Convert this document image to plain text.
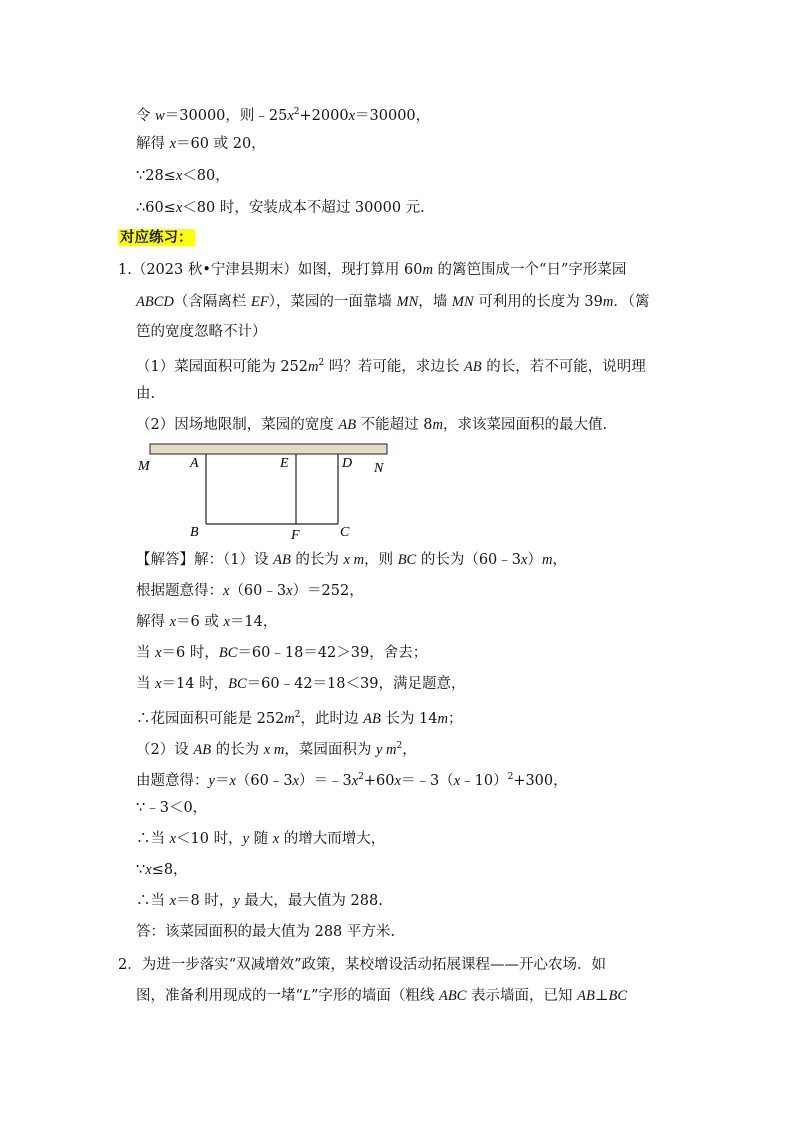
令 w＝30000，则$﹣25x^2+2000x=30000$，
解得 x＝60 或 20，
∵28≤x＜80，
∴60≤x＜80 时，安装成本不超过 30000 元.
对应练习：
1.（2023 秋•宁津县期末）如图，现打算用 60m 的篱笆围成一个“日”字形菜园
ABCD（含隔离栏 EF），菜园的一面靠墙 MN，墙 MN 可利用的长度为 39m．（篱
笆的宽度忽略不计）
（1）菜园面积可能为 $252m^2$ 吗？若可能，求边长 AB 的长，若不可能，说明理
由.
（2）因场地限制，菜园的宽度 AB 不能超过 8m，求该菜园面积的最大值.
M	A	E	D N
B	F	C
【解答】解：（1）设 AB 的长为 x m，则 BC 的长为（60﹣3x）m，
根据题意得：x（60﹣3x）＝252，
解得 x＝6 或 x＝14，
当 x＝6 时，BC＝60﹣18＝42＞39，舍去；
当 x＝14 时，BC＝60﹣42＝18＜39，满足题意，
∴花园面积可能是 $252m^2$，此时边 AB 长为 14m；
（2）设 AB 的长为 x m，菜园面积为 y $m^2$，
由题意得：$y=x(60﹣3x)=﹣3x^2+60x=﹣3(x﹣10)^2+300$，
∵﹣3＜0，
∴当 x＜10 时，y 随 x 的增大而增大，
∵x≤8，
∴当 x＝8 时，y 最大，最大值为 288.
答：该菜园面积的最大值为 288 平方米.
2．为进一步落实“双减增效”政策，某校增设活动拓展课程——开心农场．如
图，准备利用现成的一堵“L”字形的墙面（粗线 ABC 表示墙面，已知 AB⊥BC
